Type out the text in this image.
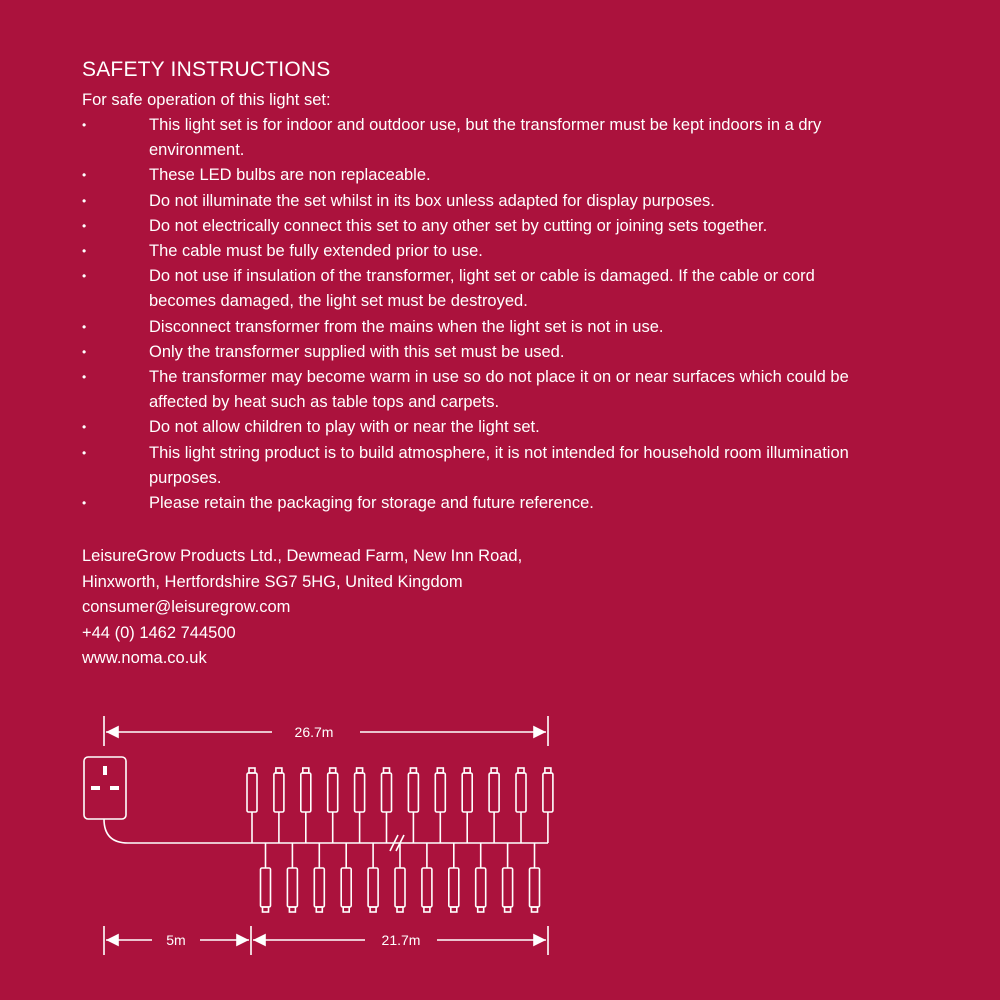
SAFETY INSTRUCTIONS

For safe operation of this light set:

•	This light set is for indoor and outdoor use, but the transformer must be kept indoors in a dry environment.
•	These LED bulbs are non replaceable.
•	Do not illuminate the set whilst in its box unless adapted for display purposes.
•	Do not electrically connect this set to any other set by cutting or joining sets together.
•	The cable must be fully extended prior to use.
•	Do not use if insulation of the transformer, light set or cable is damaged. If the cable or cord becomes damaged, the light set must be destroyed.
•	Disconnect transformer from the mains when the light set is not in use.
•	Only the transformer supplied with this set must be used.
•	The transformer may become warm in use so do not place it on or near surfaces which could be affected by heat such as table tops and carpets.
•	Do not allow children to play with or near the light set.
•	This light string product is to build atmosphere, it is not intended for household room illumination purposes.
•	Please retain the packaging for storage and future reference.
LeisureGrow Products Ltd., Dewmead Farm, New Inn Road,
Hinxworth, Hertfordshire SG7 5HG, United Kingdom
consumer@leisuregrow.com
+44 (0) 1462 744500
www.noma.co.uk
26.7m
5m	21.7m
